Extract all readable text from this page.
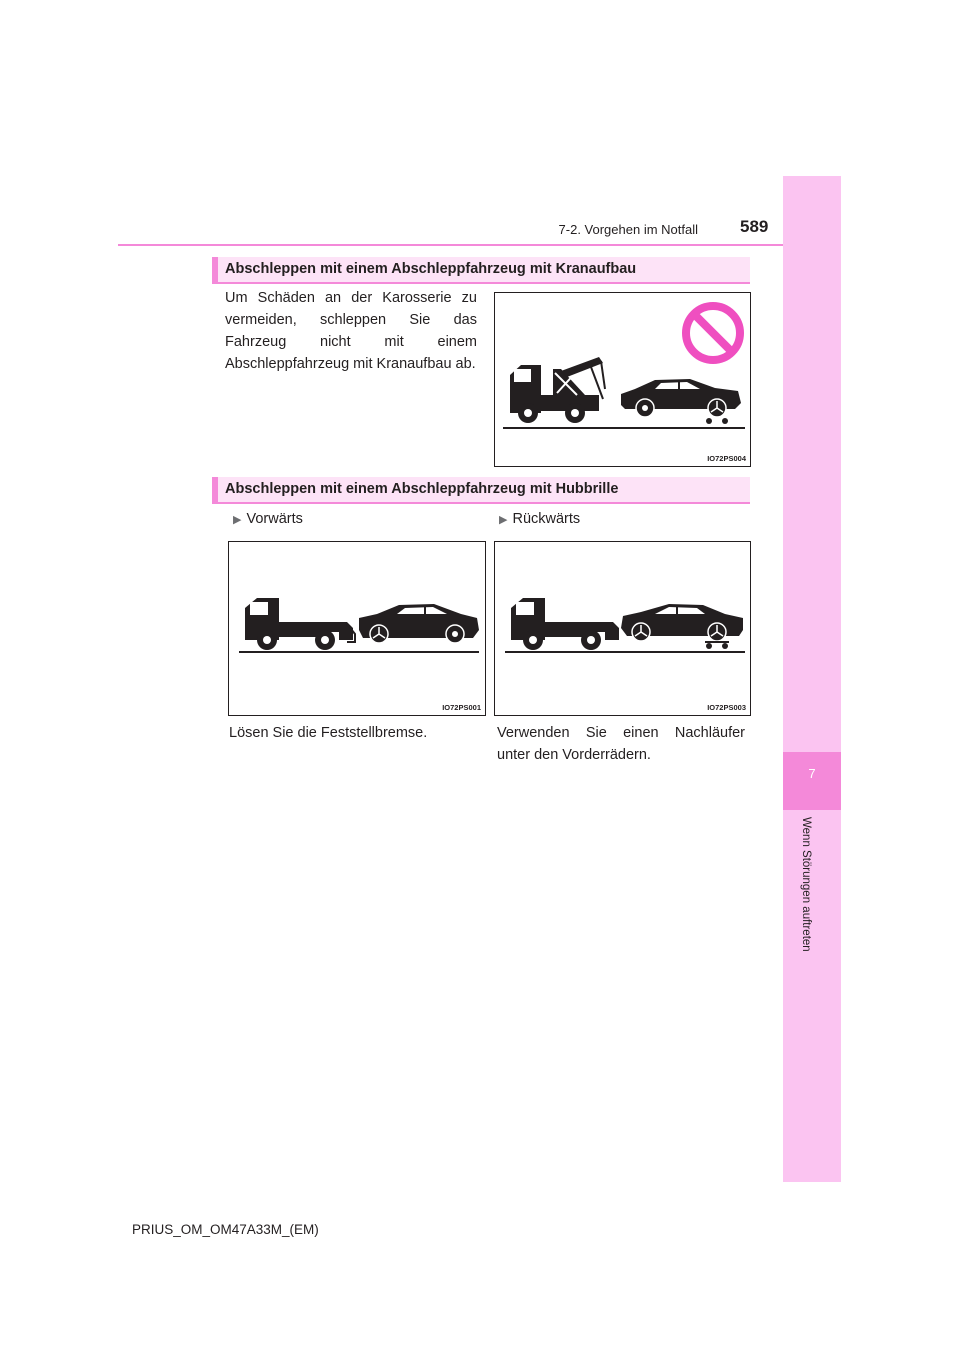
7
Wenn Störungen auftreten
7-2. Vorgehen im Notfall 589
Abschleppen mit einem Abschleppfahrzeug mit Kranaufbau
Um Schäden an der Karosserie zu vermeiden, schleppen Sie das Fahrzeug nicht mit einem Abschleppfahrzeug mit Kranaufbau ab.
IO72PS004
Abschleppen mit einem Abschleppfahrzeug mit Hubbrille
▶ Vorwärts	▶ Rückwärts
IO72PS001	IO72PS003
Lösen Sie die Feststellbremse.	Verwenden Sie einen Nachläufer unter den Vorderrädern.
PRIUS_OM_OM47A33M_(EM)
